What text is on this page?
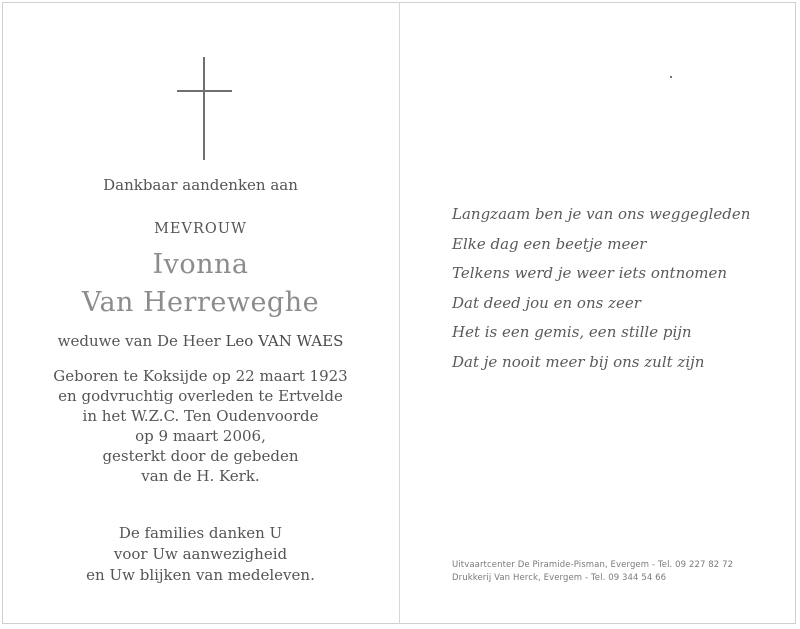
Dankbaar aandenken aan
MEVROUW
Ivonna
Van Herreweghe
weduwe van De Heer Leo VAN WAES
Geboren te Koksijde op 22 maart 1923
en godvruchtig overleden te Ertvelde
in het W.Z.C. Ten Oudenvoorde
op 9 maart 2006,
gesterkt door de gebeden
van de H. Kerk.
De families danken U
voor Uw aanwezigheid
en Uw blijken van medeleven.
Langzaam ben je van ons weggegleden
Elke dag een beetje meer
Telkens werd je weer iets ontnomen
Dat deed jou en ons zeer
Het is een gemis, een stille pijn
Dat je nooit meer bij ons zult zijn
Uitvaartcenter De Piramide-Pisman, Evergem - Tel. 09 227 82 72
Drukkerij Van Herck, Evergem - Tel. 09 344 54 66
